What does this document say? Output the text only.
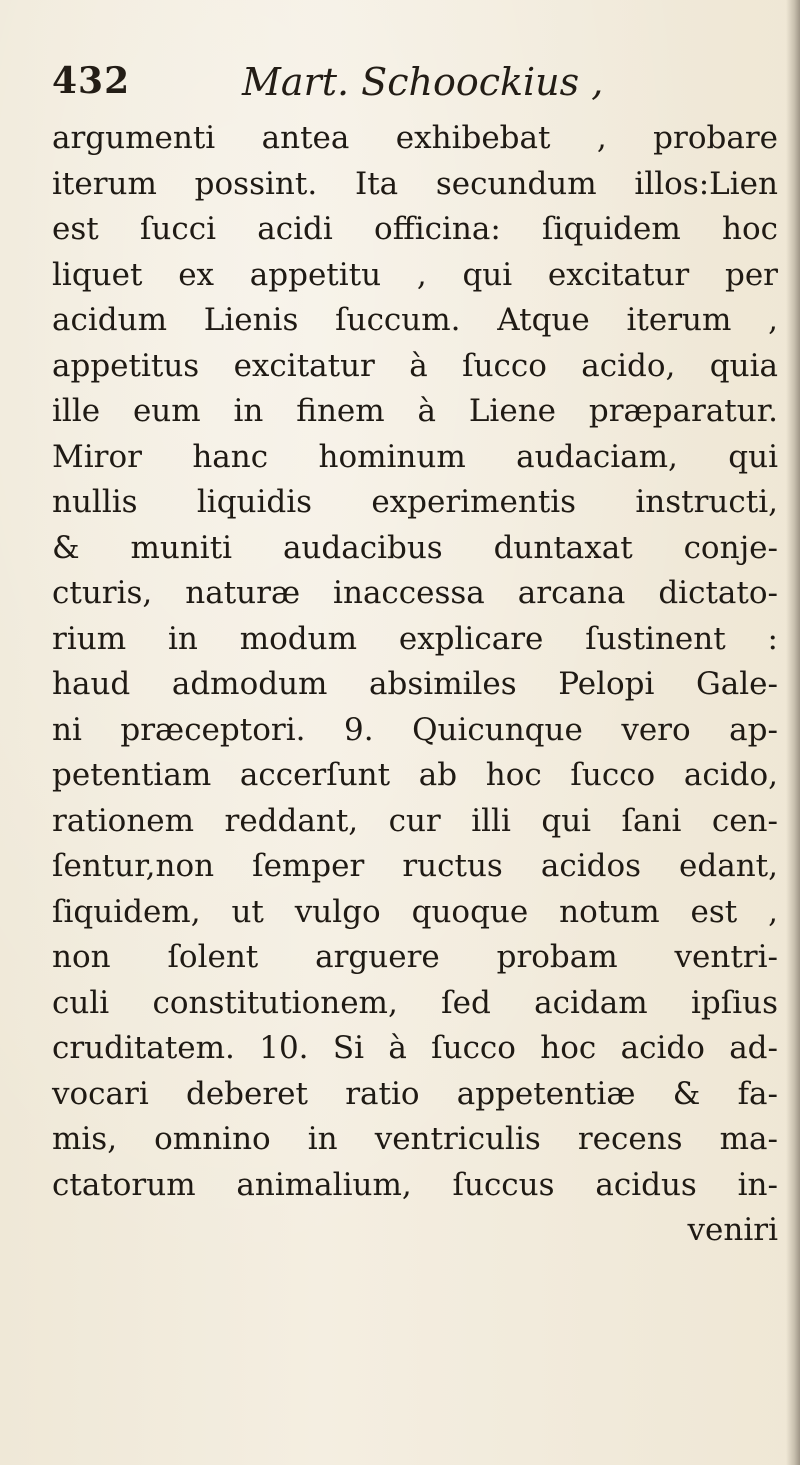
432	Mart. Schoockius ,
argumenti antea exhibebat , probare
iterum possint. Ita secundum illos:Lien
est ſucci acidi officina: ſiquidem hoc
liquet ex appetitu , qui excitatur per
acidum Lienis ſuccum. Atque iterum ,
appetitus excitatur à ſucco acido, quia
ille eum in finem à Liene præparatur.
Miror hanc hominum audaciam, qui
nullis liquidis experimentis instructi,
& muniti audacibus duntaxat conje-
cturis, naturæ inaccessa arcana dictato-
rium in modum explicare ſustinent :
haud admodum absimiles Pelopi Gale-
ni præceptori. 9. Quicunque vero ap-
petentiam accerſunt ab hoc ſucco acido,
rationem reddant, cur illi qui ſani cen-
ſentur,non ſemper ructus acidos edant,
ſiquidem, ut vulgo quoque notum est ,
non ſolent arguere probam ventri-
culi constitutionem, ſed acidam ipſius
cruditatem. 10. Si à ſucco hoc acido ad-
vocari deberet ratio appetentiæ & fa-
mis, omnino in ventriculis recens ma-
ctatorum animalium, ſuccus acidus in-
veniri
